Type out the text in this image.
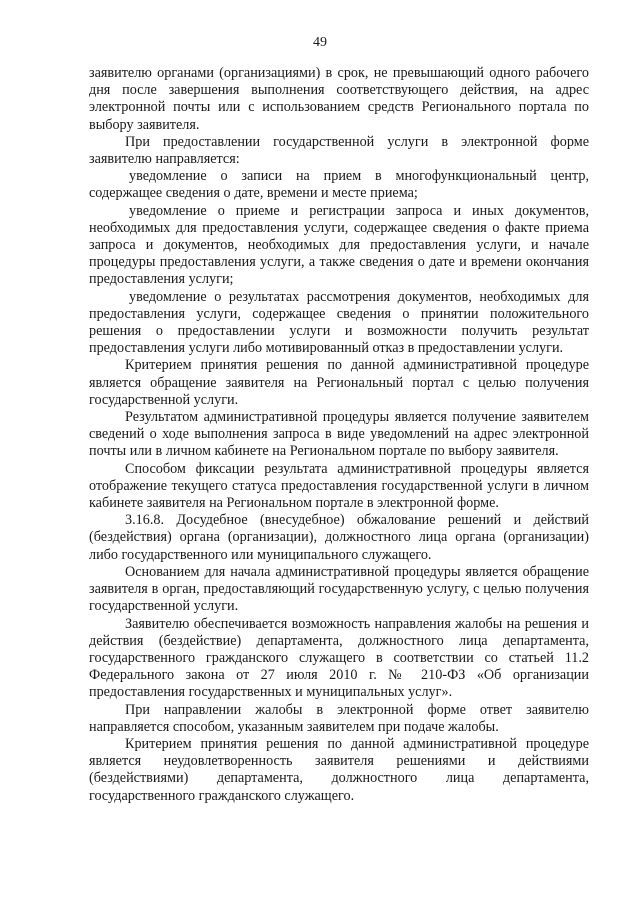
49

заявителю органами (организациями) в срок, не превышающий одного рабочего дня после завершения выполнения соответствующего действия, на адрес электронной почты или с использованием средств Регионального портала по выбору заявителя.

При предоставлении государственной услуги в электронной форме заявителю направляется:

уведомление о записи на прием в многофункциональный центр, содержащее сведения о дате, времени и месте приема;

уведомление о приеме и регистрации запроса и иных документов, необходимых для предоставления услуги, содержащее сведения о факте приема запроса и документов, необходимых для предоставления услуги, и начале процедуры предоставления услуги, а также сведения о дате и времени окончания предоставления услуги;

уведомление о результатах рассмотрения документов, необходимых для предоставления услуги, содержащее сведения о принятии положительного решения о предоставлении услуги и возможности получить результат предоставления услуги либо мотивированный отказ в предоставлении услуги.

Критерием принятия решения по данной административной процедуре является обращение заявителя на Региональный портал с целью получения государственной услуги.

Результатом административной процедуры является получение заявителем сведений о ходе выполнения запроса в виде уведомлений на адрес электронной почты или в личном кабинете на Региональном портале по выбору заявителя.

Способом фиксации результата административной процедуры является отображение текущего статуса предоставления государственной услуги в личном кабинете заявителя на Региональном портале в электронной форме.

3.16.8. Досудебное (внесудебное) обжалование решений и действий (бездействия) органа (организации), должностного лица органа (организации) либо государственного или муниципального служащего.

Основанием для начала административной процедуры является обращение заявителя в орган, предоставляющий государственную услугу, с целью получения государственной услуги.

Заявителю обеспечивается возможность направления жалобы на решения и действия (бездействие) департамента, должностного лица департамента, государственного гражданского служащего в соответствии со статьей 11.2 Федерального закона от 27 июля 2010 г. № 210-ФЗ «Об организации предоставления государственных и муниципальных услуг».

При направлении жалобы в электронной форме ответ заявителю направляется способом, указанным заявителем при подаче жалобы.

Критерием принятия решения по данной административной процедуре является неудовлетворенность заявителя решениями и действиями (бездействиями) департамента, должностного лица департамента, государственного гражданского служащего.
